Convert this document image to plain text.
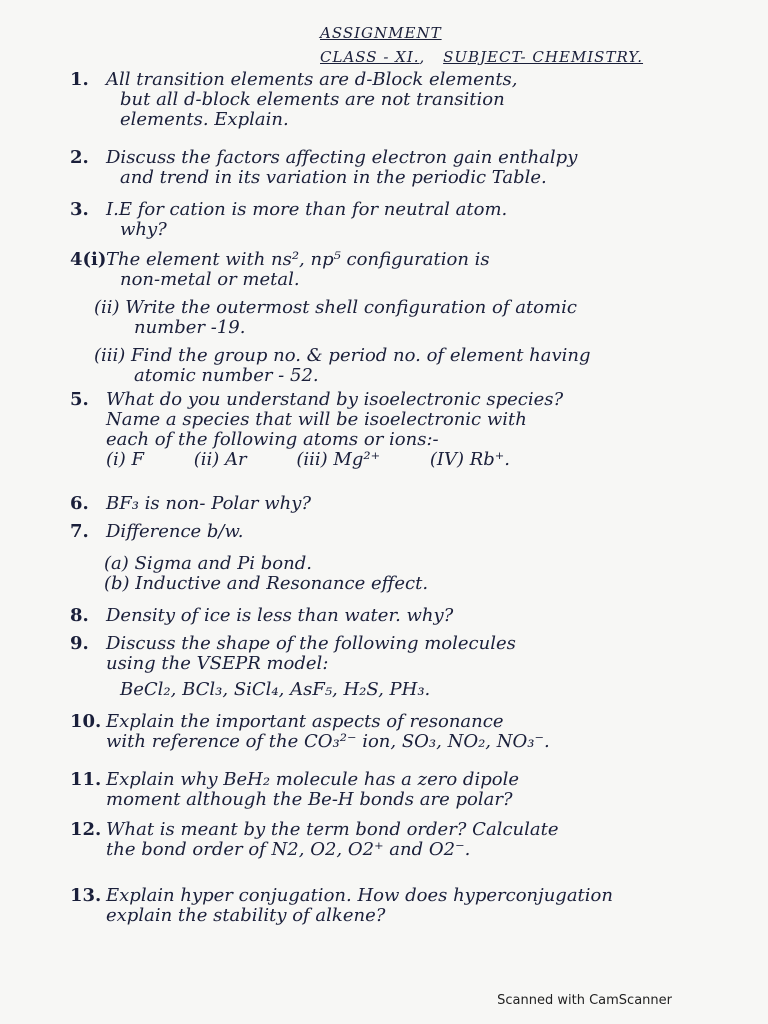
ASSIGNMENT
CLASS - XI., SUBJECT- CHEMISTRY.
1. All transition elements are d-Block elements,
but all d-block elements are not transition
elements. Explain.
2. Discuss the factors affecting electron gain enthalpy
and trend in its variation in the periodic Table.
3. I.E for cation is more than for neutral atom.
why?
4(i)The element with ns², np⁵ configuration is
non-metal or metal.
(ii) Write the outermost shell configuration of atomic
number -19.
(iii) Find the group no. & period no. of element having
atomic number - 52.
5. What do you understand by isoelectronic species?
Name a species that will be isoelectronic with
each of the following atoms or ions:-
(i) F	(ii) Ar	(iii) Mg²⁺	(IV) Rb⁺.
6. BF₃ is non- Polar why?
7. Difference b/w.
(a) Sigma and Pi bond.
(b) Inductive and Resonance effect.
8. Density of ice is less than water. why?
9. Discuss the shape of the following molecules
using the VSEPR model:
BeCl₂, BCl₃, SiCl₄, AsF₅, H₂S, PH₃.
10. Explain the important aspects of resonance
with reference of the CO₃²⁻ ion, SO₃, NO₂, NO₃⁻.
11. Explain why BeH₂ molecule has a zero dipole
moment although the Be-H bonds are polar?
12. What is meant by the term bond order? Calculate
the bond order of N2, O2, O2⁺ and O2⁻.
13. Explain hyper conjugation. How does hyperconjugation
explain the stability of alkene?
Scanned with CamScanner
